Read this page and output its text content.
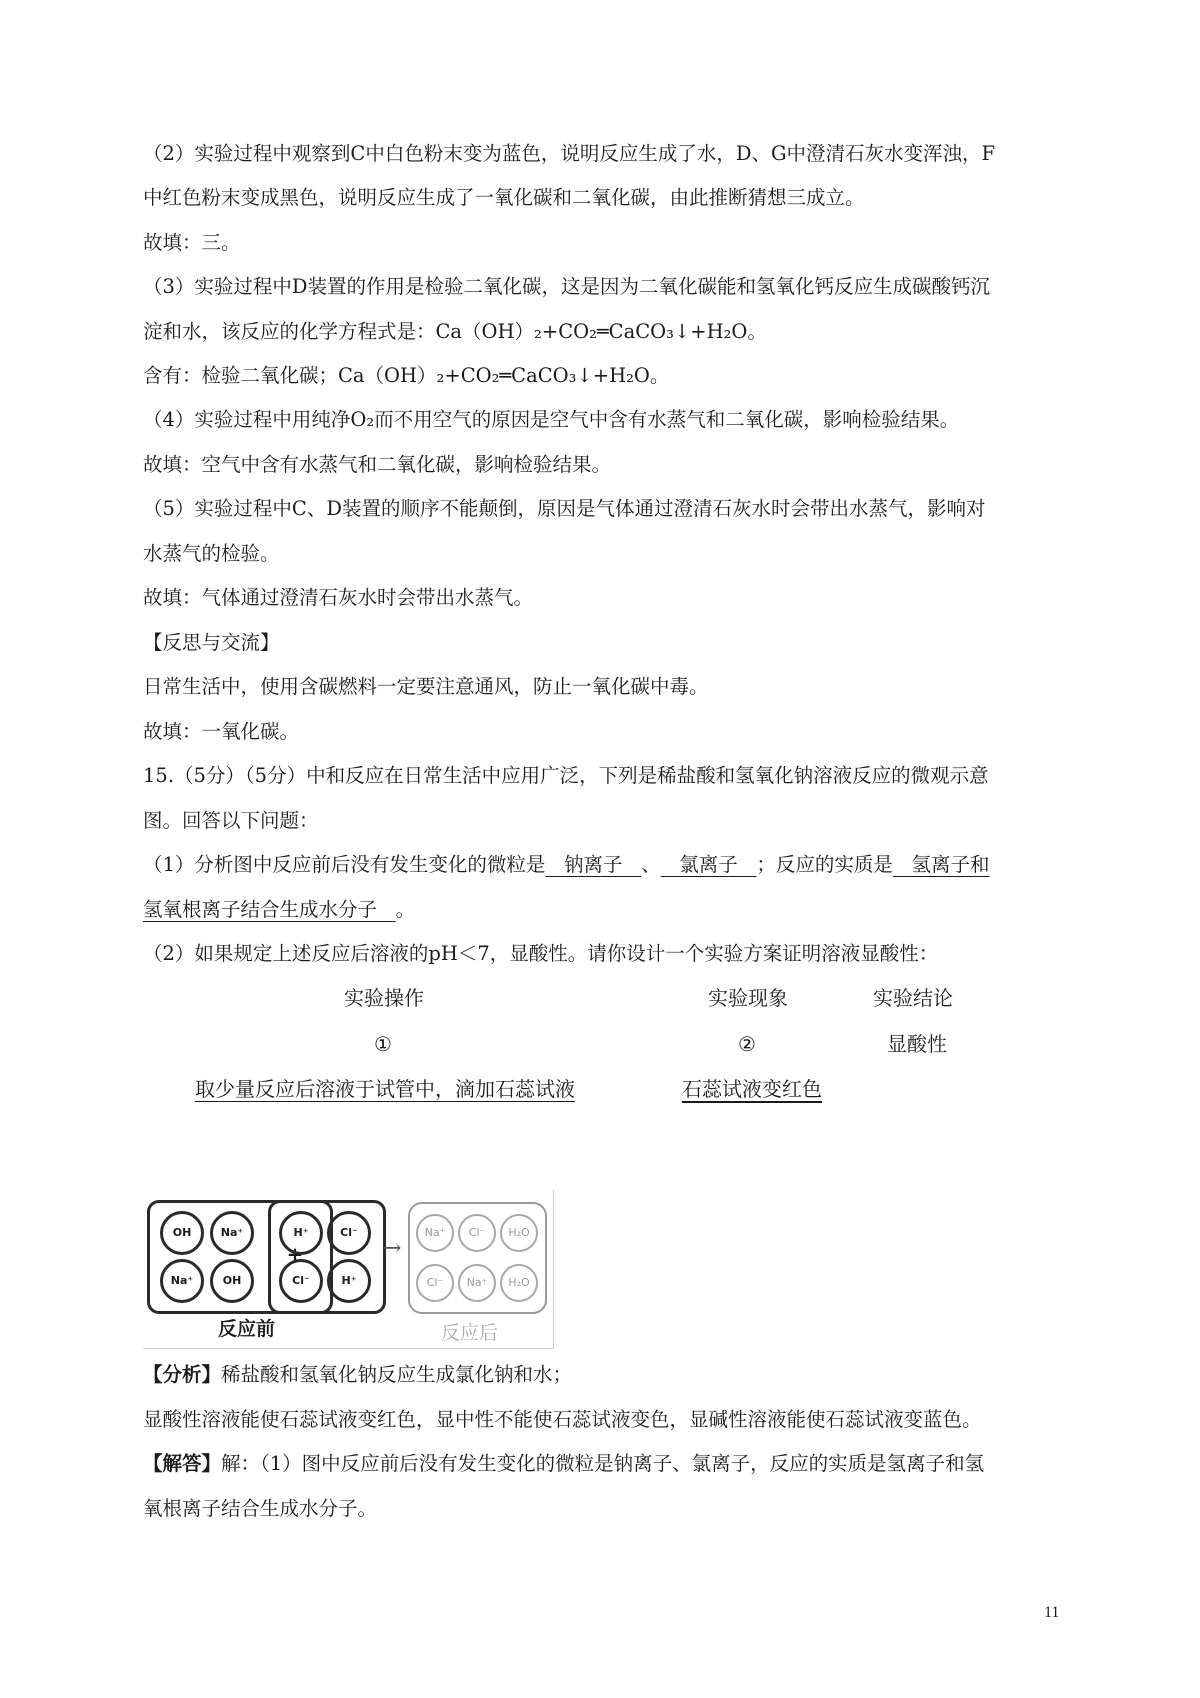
（2）实验过程中观察到C中白色粉末变为蓝色，说明反应生成了水，D、G中澄清石灰水变浑浊，F
中红色粉末变成黑色，说明反应生成了一氧化碳和二氧化碳，由此推断猜想三成立。
故填：三。
（3）实验过程中D装置的作用是检验二氧化碳，这是因为二氧化碳能和氢氧化钙反应生成碳酸钙沉
淀和水，该反应的化学方程式是：Ca（OH）₂+CO₂═CaCO₃↓+H₂O。
含有：检验二氧化碳；Ca（OH）₂+CO₂═CaCO₃↓+H₂O。
（4）实验过程中用纯净O₂而不用空气的原因是空气中含有水蒸气和二氧化碳，影响检验结果。
故填：空气中含有水蒸气和二氧化碳，影响检验结果。
（5）实验过程中C、D装置的顺序不能颠倒，原因是气体通过澄清石灰水时会带出水蒸气，影响对
水蒸气的检验。
故填：气体通过澄清石灰水时会带出水蒸气。
【反思与交流】
日常生活中，使用含碳燃料一定要注意通风，防止一氧化碳中毒。
故填：一氧化碳。
15.（5分）（5分）中和反应在日常生活中应用广泛，下列是稀盐酸和氢氧化钠溶液反应的微观示意
图。回答以下问题：
（1）分析图中反应前后没有发生变化的微粒是   钠离子   、   氯离子   ；反应的实质是   氢离子和
氢氧根离子结合生成水分子   。
（2）如果规定上述反应后溶液的pH＜7，显酸性。请你设计一个实验方案证明溶液显酸性：
实验操作	实验现象	实验结论
①	②	显酸性
取少量反应后溶液于试管中，滴加石蕊试液	石蕊试液变红色
OH	Na⁺
Na⁺	OH
+
H⁺	Cl⁻
Cl⁻	H⁺
→
Na⁺	Cl⁻	H₂O
Cl⁻	Na⁺	H₂O
反应前	反应后
【分析】稀盐酸和氢氧化钠反应生成氯化钠和水；
显酸性溶液能使石蕊试液变红色，显中性不能使石蕊试液变色，显碱性溶液能使石蕊试液变蓝色。
【解答】解：（1）图中反应前后没有发生变化的微粒是钠离子、氯离子，反应的实质是氢离子和氢
氧根离子结合生成水分子。
11
